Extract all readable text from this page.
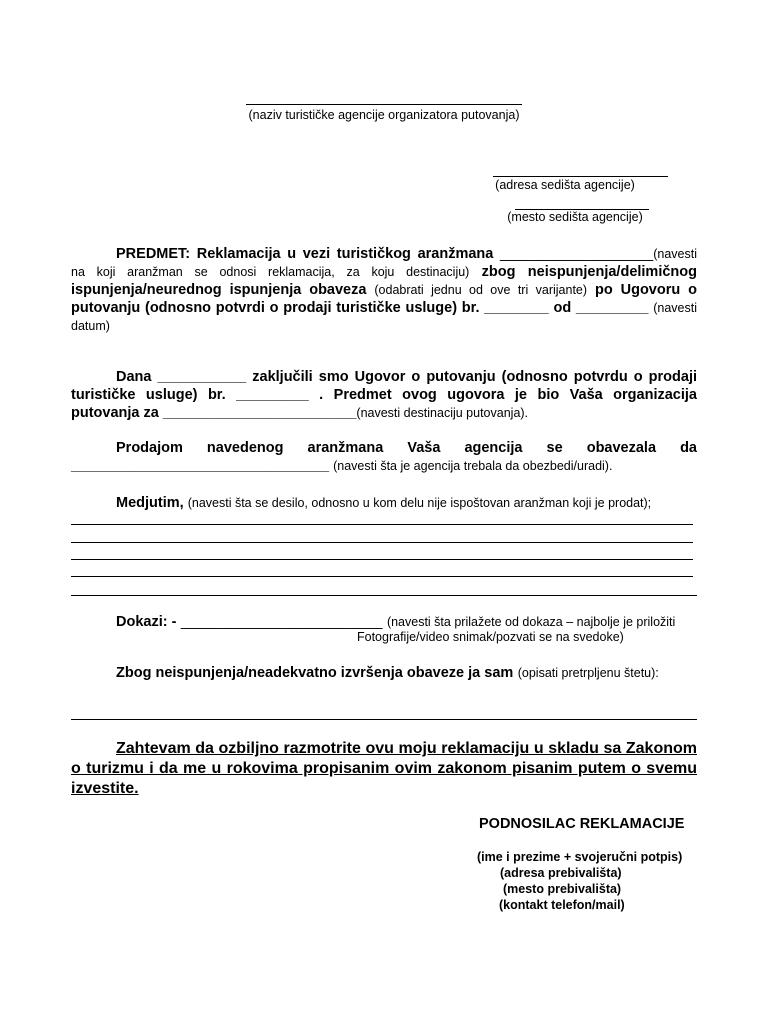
(naziv turističke agencije organizatora putovanja)
(adresa sedišta agencije)
(mesto sedišta agencije)
PREDMET: Reklamacija u vezi turističkog aranžmana ___________________(navesti na koji aranžman se odnosi reklamacija, za koju destinaciju) zbog neispunjenja/delimičnog ispunjenja/neurednog ispunjenja obaveza (odabrati jednu od ove tri varijante) po Ugovoru o putovanju (odnosno potvrdi o prodaji turističke usluge) br. ________ od _________ (navesti datum)
Dana ___________ zaključili smo Ugovor o putovanju (odnosno potvrdu o prodaji turističke usluge) br. _________ . Predmet ovog ugovora je bio Vaša organizacija putovanja za ________________________(navesti destinaciju putovanja).
Prodajom navedenog aranžmana Vaša agencija se obavezala da ________________________________ (navesti šta je agencija trebala da obezbedi/uradi).
Medjutim, (navesti šta se desilo, odnosno u kom delu nije ispoštovan aranžman koji je prodat);
Dokazi: - _________________________ (navesti šta prilažete od dokaza – najbolje je priložiti
Fotografije/video snimak/pozvati se na svedoke)
Zbog neispunjenja/neadekvatno izvršenja obaveze ja sam (opisati pretrpljenu štetu):
Zahtevam da ozbiljno razmotrite ovu moju reklamaciju u skladu sa Zakonom o turizmu i da me u rokovima propisanim ovim zakonom pisanim putem o svemu izvestite.
PODNOSILAC REKLAMACIJE
(ime i prezime + svojeručni potpis)
(adresa prebivališta)
(mesto prebivališta)
(kontakt telefon/mail)
